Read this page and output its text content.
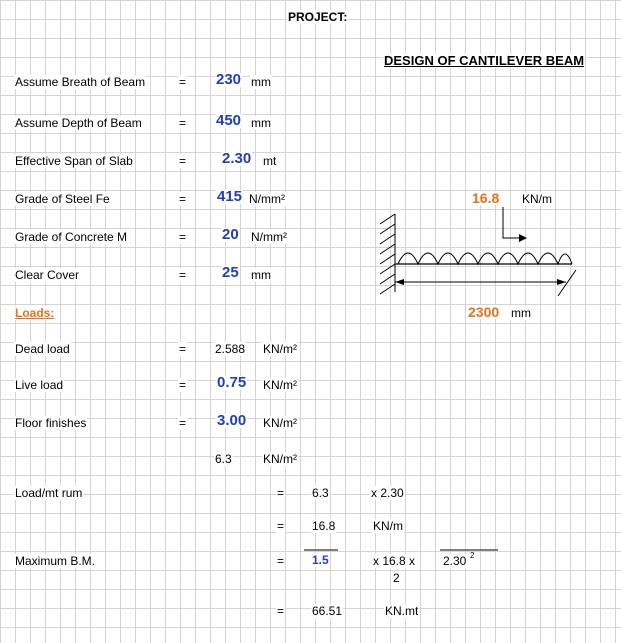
PROJECT:
DESIGN OF CANTILEVER BEAM
Assume Breath of Beam	= 230 mm
Assume Depth of Beam	= 450 mm
Effective Span of Slab	= 2.30 mt
Grade of Steel Fe	= 415 N/mm²
Grade of Concrete M	= 20 N/mm²
Clear Cover	= 25 mm
Loads:
Dead load	= 2.588 KN/m²
Live load	= 0.75 KN/m²
Floor finishes	= 3.00 KN/m²
6.3	KN/m²
Load/mt rum	= 6.3	x 2.30
= 16.8	KN/m
Maximum B.M.	= 1.5	x 16.8 x 2.30 2
2
= 66.51	KN.mt
16.8 KN/m
2300 mm
